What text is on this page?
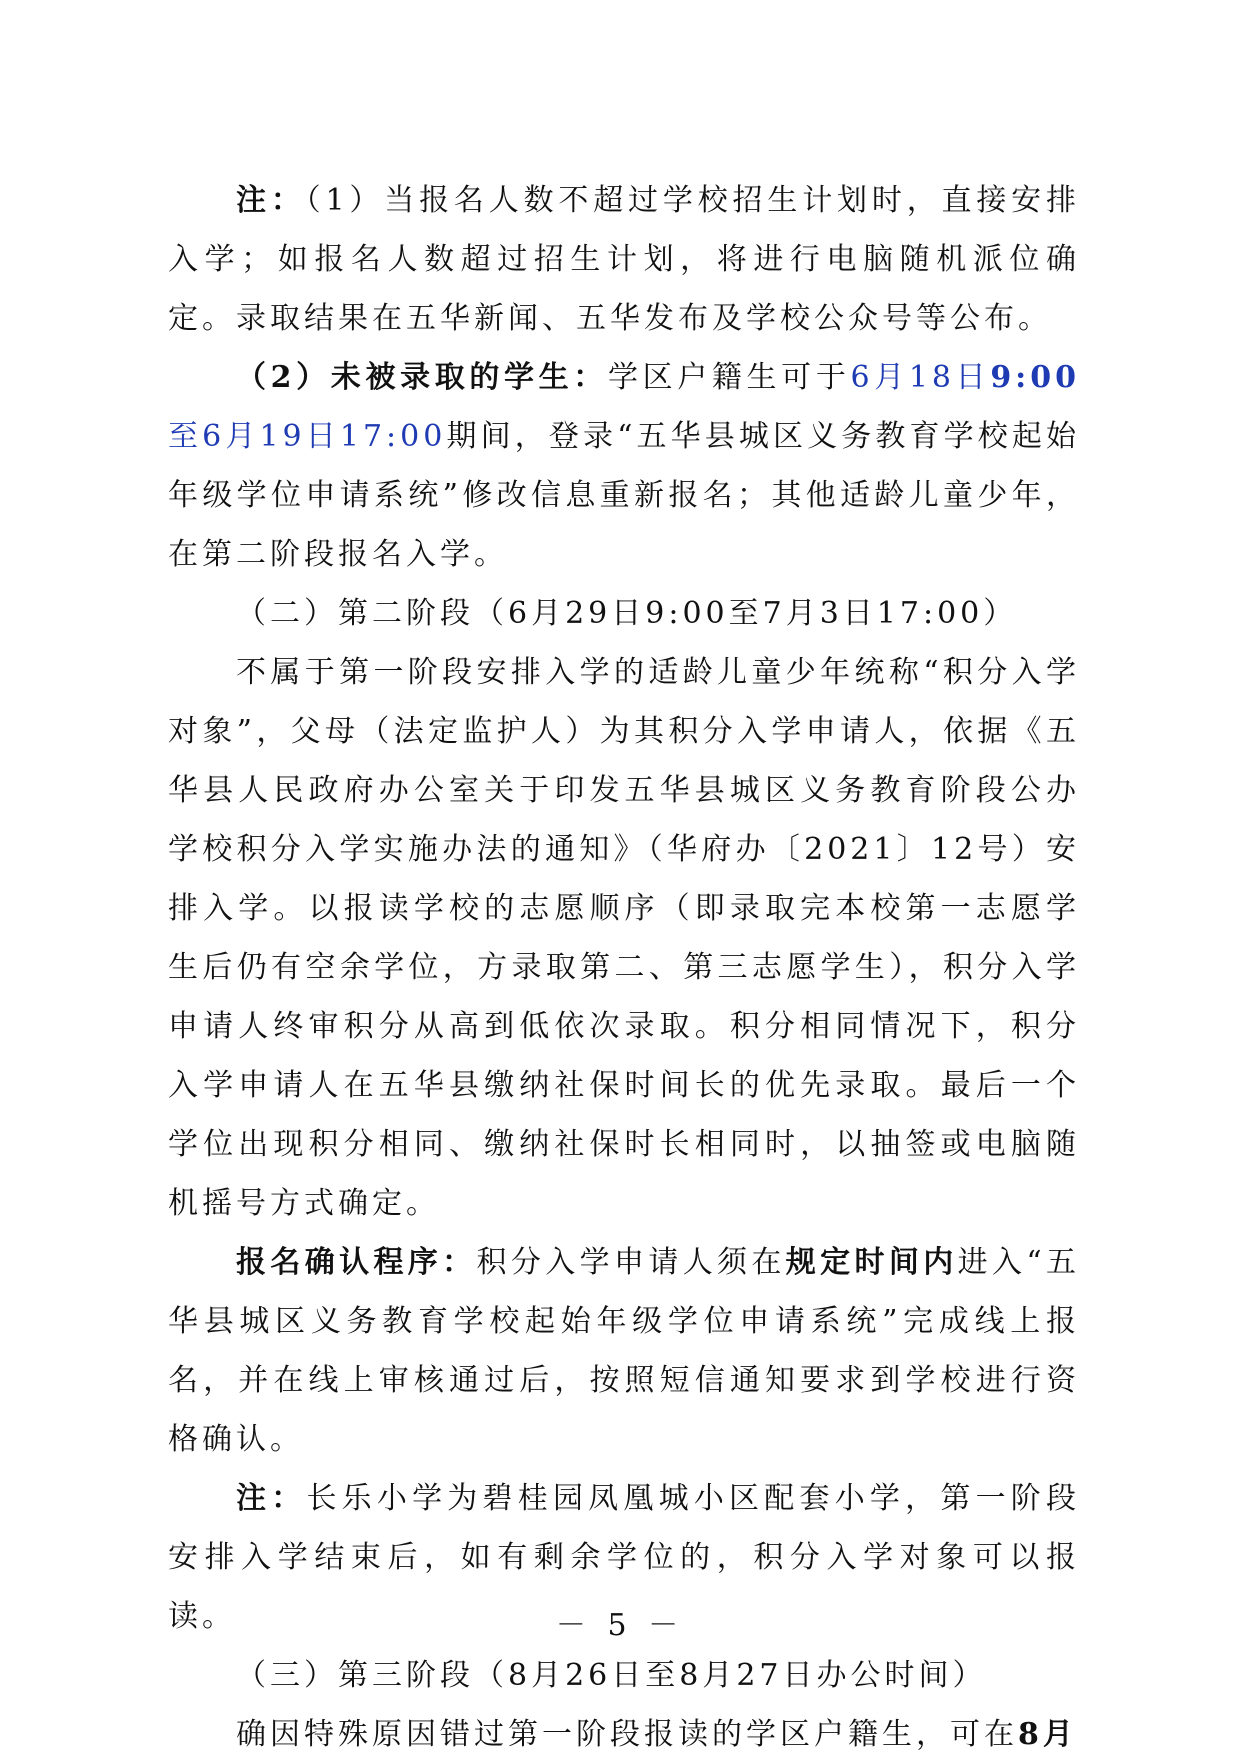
注：（1）当报名人数不超过学校招生计划时，直接安排入学；如报名人数超过招生计划，将进行电脑随机派位确定。录取结果在五华新闻、五华发布及学校公众号等公布。

（2）未被录取的学生：学区户籍生可于6月18日9:00至6月19日17:00期间，登录“五华县城区义务教育学校起始年级学位申请系统”修改信息重新报名；其他适龄儿童少年，在第二阶段报名入学。

（二）第二阶段（6月29日9:00至7月3日17:00）

不属于第一阶段安排入学的适龄儿童少年统称“积分入学对象”，父母（法定监护人）为其积分入学申请人，依据《五华县人民政府办公室关于印发五华县城区义务教育阶段公办学校积分入学实施办法的通知》（华府办〔2021〕12号）安排入学。以报读学校的志愿顺序（即录取完本校第一志愿学生后仍有空余学位，方录取第二、第三志愿学生），积分入学申请人终审积分从高到低依次录取。积分相同情况下，积分入学申请人在五华县缴纳社保时间长的优先录取。最后一个学位出现积分相同、缴纳社保时长相同时，以抽签或电脑随机摇号方式确定。

报名确认程序：积分入学申请人须在规定时间内进入“五华县城区义务教育学校起始年级学位申请系统”完成线上报名，并在线上审核通过后，按照短信通知要求到学校进行资格确认。

注：长乐小学为碧桂园凤凰城小区配套小学，第一阶段安排入学结束后，如有剩余学位的，积分入学对象可以报读。

（三）第三阶段（8月26日至8月27日办公时间）

确因特殊原因错过第一阶段报读的学区户籍生，可在8月

－ 5 －
